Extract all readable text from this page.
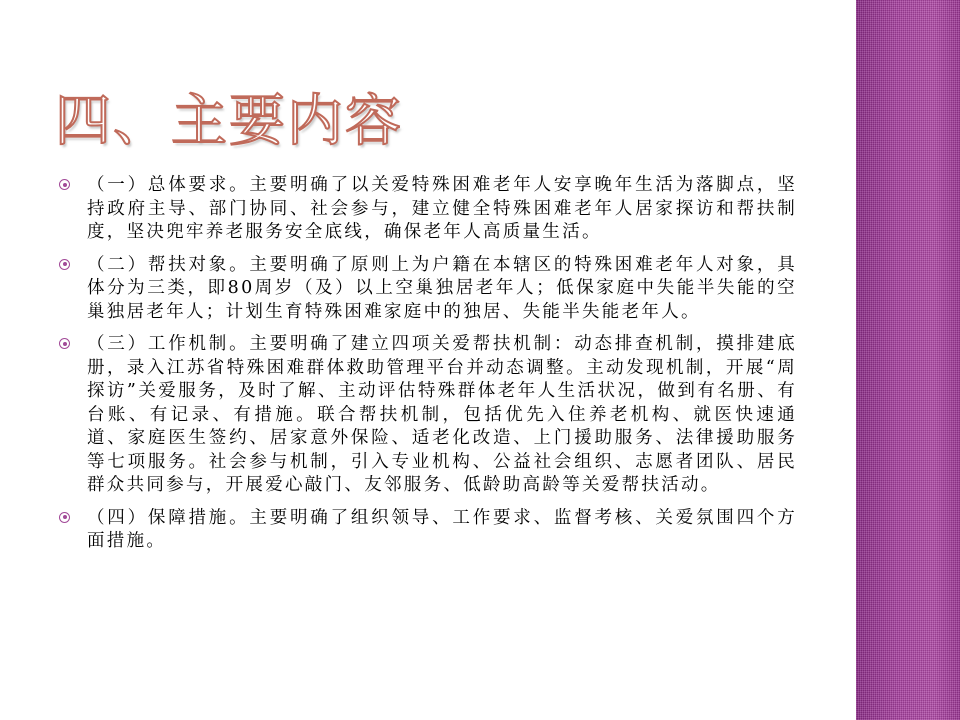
四、主要内容
（一）总体要求。主要明确了以关爱特殊困难老年人安享晚年生活为落脚点，坚持政府主导、部门协同、社会参与，建立健全特殊困难老年人居家探访和帮扶制度，坚决兜牢养老服务安全底线，确保老年人高质量生活。
（二）帮扶对象。主要明确了原则上为户籍在本辖区的特殊困难老年人对象，具体分为三类，即80周岁（及）以上空巢独居老年人；低保家庭中失能半失能的空巢独居老年人；计划生育特殊困难家庭中的独居、失能半失能老年人。
（三）工作机制。主要明确了建立四项关爱帮扶机制：动态排查机制，摸排建底册，录入江苏省特殊困难群体救助管理平台并动态调整。主动发现机制，开展“周探访”关爱服务，及时了解、主动评估特殊群体老年人生活状况，做到有名册、有台账、有记录、有措施。联合帮扶机制，包括优先入住养老机构、就医快速通道、家庭医生签约、居家意外保险、适老化改造、上门援助服务、法律援助服务等七项服务。社会参与机制，引入专业机构、公益社会组织、志愿者团队、居民群众共同参与，开展爱心敲门、友邻服务、低龄助高龄等关爱帮扶活动。
（四）保障措施。主要明确了组织领导、工作要求、监督考核、关爱氛围四个方面措施。
